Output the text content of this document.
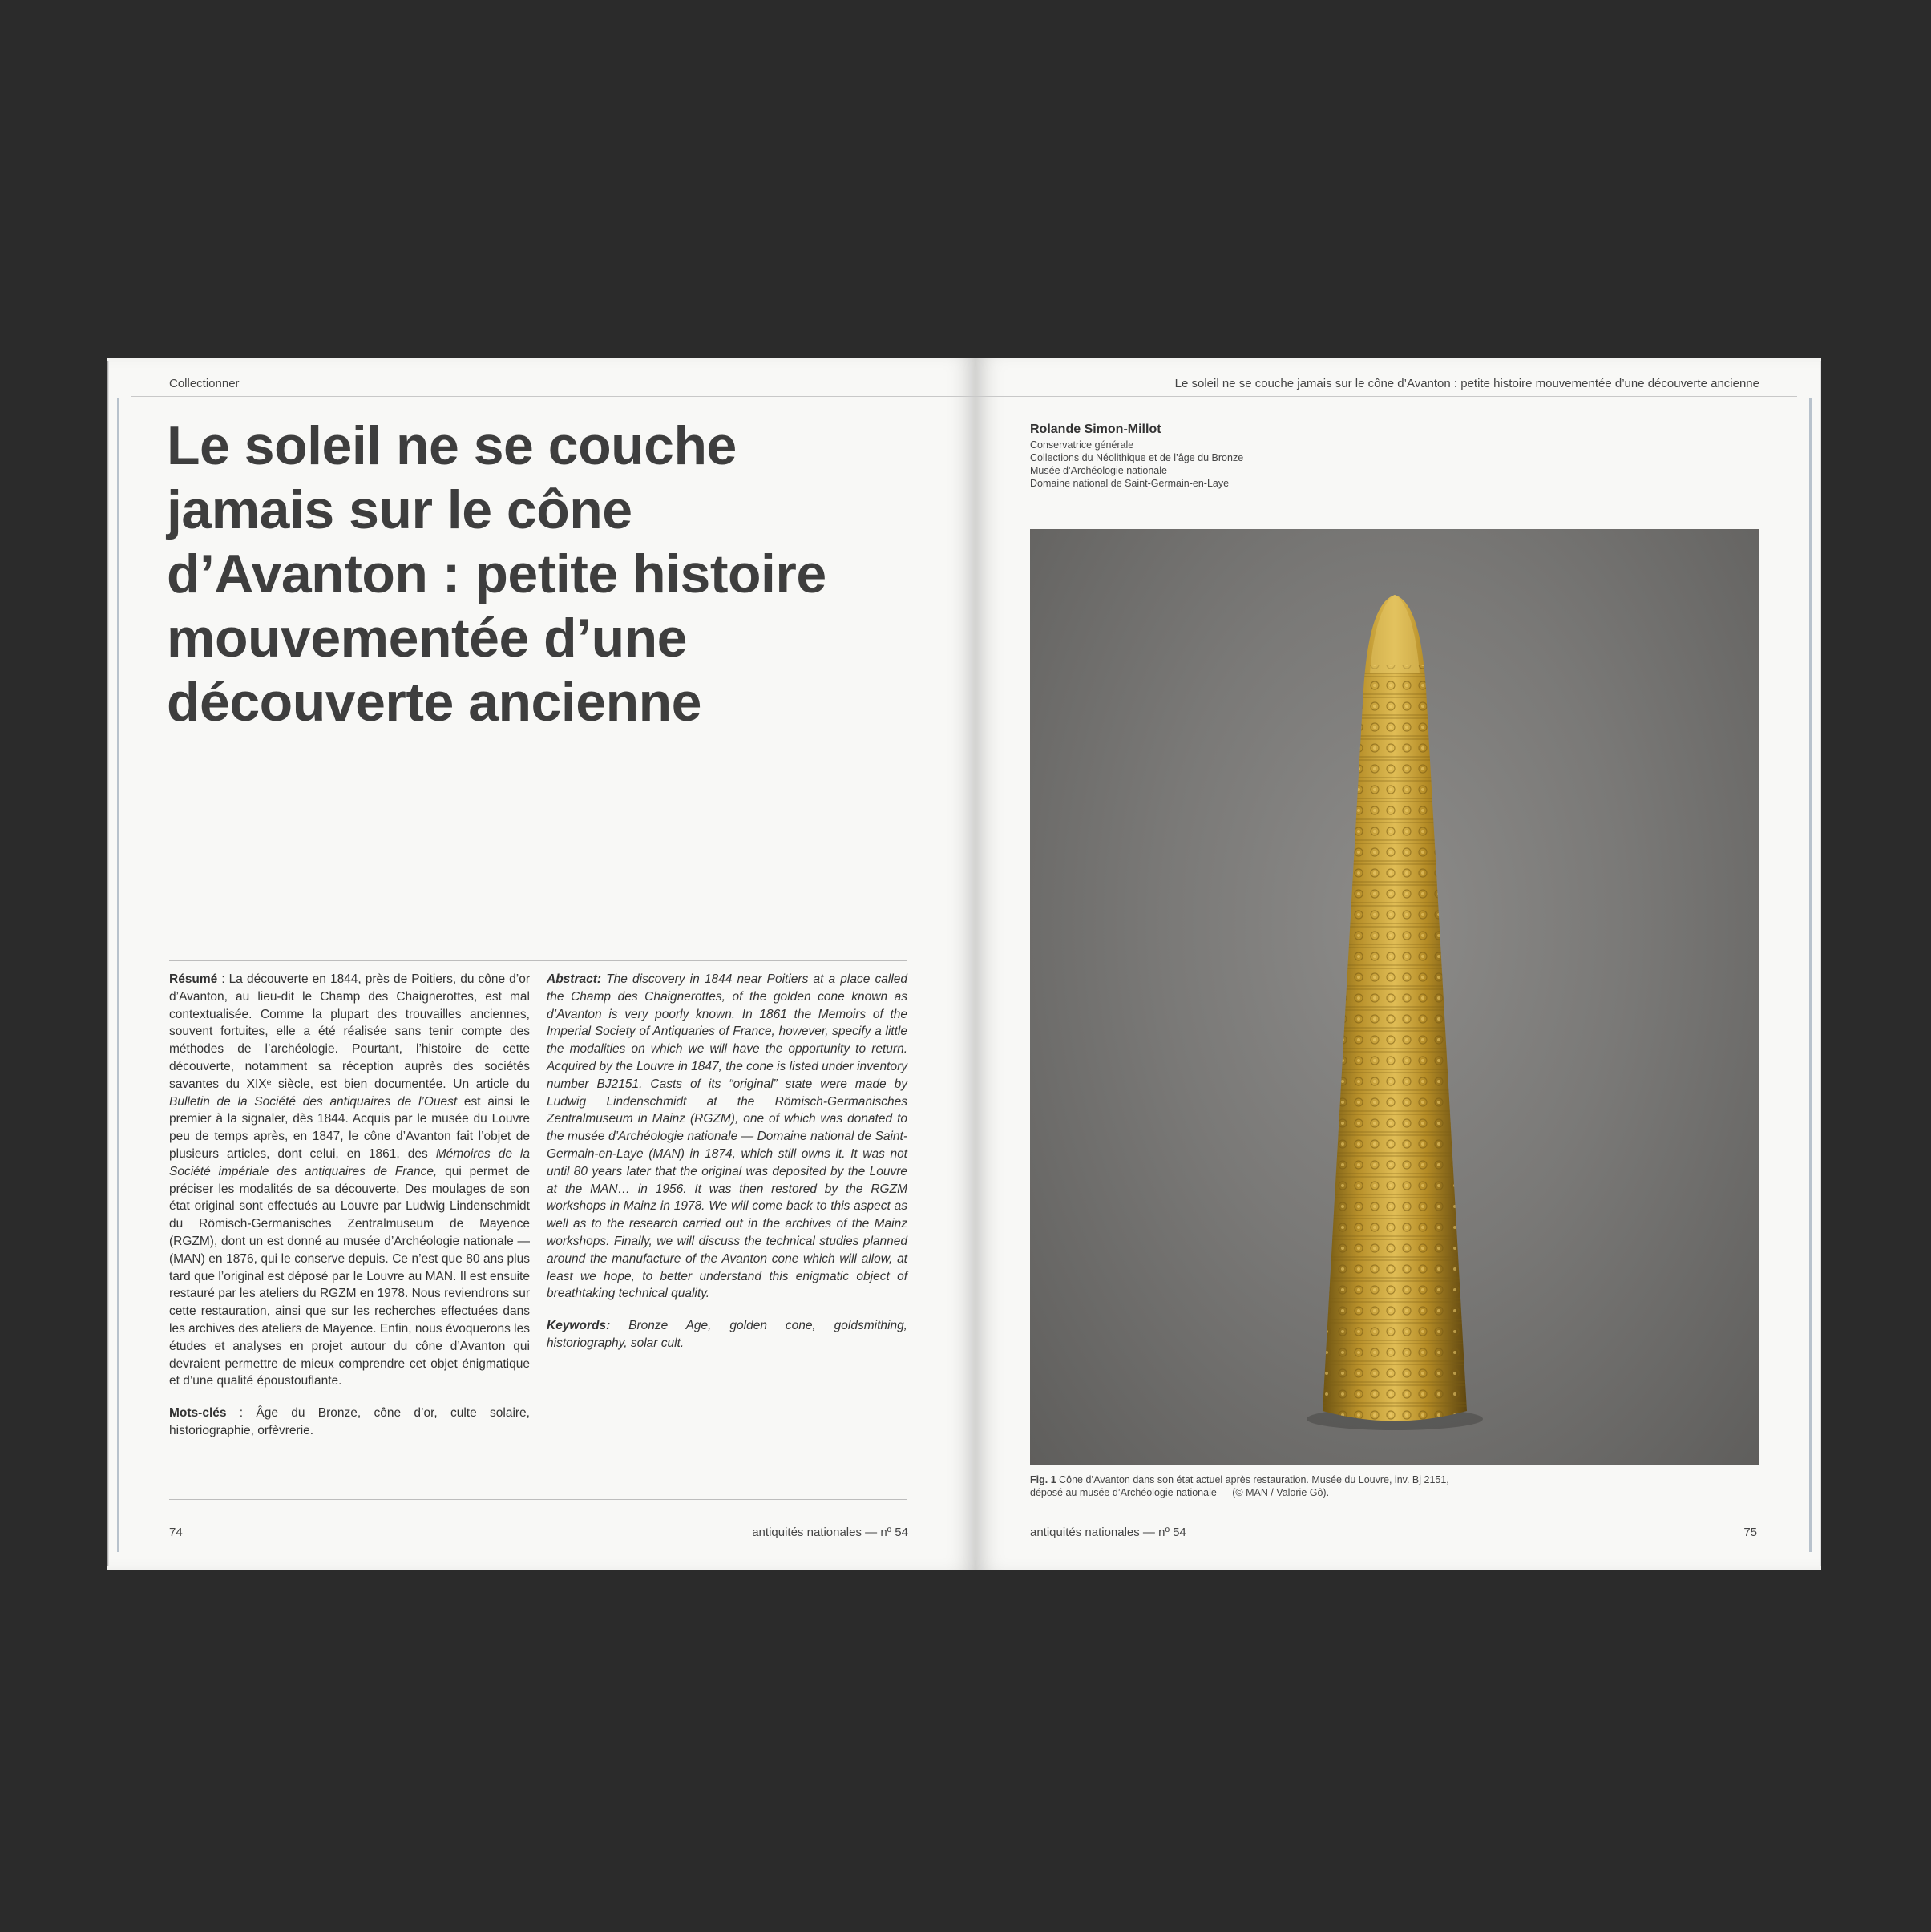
Collectionner
Le soleil ne se couche
jamais sur le cône
d’Avanton : petite histoire
mouvementée d’une
découverte ancienne

Résumé : La découverte en 1844, près de Poitiers, du cône d’or d’Avanton, au lieu-dit le Champ des Chaignerottes, est mal contextualisée. Comme la plupart des trouvailles anciennes, souvent fortuites, elle a été réalisée sans tenir compte des méthodes de l’archéologie. Pourtant, l’histoire de cette découverte, notamment sa réception auprès des sociétés savantes du XIXᵉ siècle, est bien documentée. Un article du Bulletin de la Société des antiquaires de l’Ouest est ainsi le premier à la signaler, dès 1844. Acquis par le musée du Louvre peu de temps après, en 1847, le cône d’Avanton fait l’objet de plusieurs articles, dont celui, en 1861, des Mémoires de la Société impériale des antiquaires de France, qui permet de préciser les modalités de sa découverte. Des moulages de son état original sont effectués au Louvre par Ludwig Lindenschmidt du Römisch-Germanisches Zentralmuseum de Mayence (RGZM), dont un est donné au musée d’Archéologie nationale — (MAN) en 1876, qui le conserve depuis. Ce n’est que 80 ans plus tard que l’original est déposé par le Louvre au MAN. Il est ensuite restauré par les ateliers du RGZM en 1978. Nous reviendrons sur cette restauration, ainsi que sur les recherches effectuées dans les archives des ateliers de Mayence. Enfin, nous évoquerons les études et analyses en projet autour du cône d’Avanton qui devraient permettre de mieux comprendre cet objet énigmatique et d’une qualité époustouflante.

Mots-clés : Âge du Bronze, cône d’or, culte solaire, historiographie, orfèvrerie.

Abstract: The discovery in 1844 near Poitiers at a place called the Champ des Chaignerottes, of the golden cone known as d’Avanton is very poorly known. In 1861 the Memoirs of the Imperial Society of Antiquaries of France, however, specify a little the modalities on which we will have the opportunity to return. Acquired by the Louvre in 1847, the cone is listed under inventory number BJ2151. Casts of its “original” state were made by Ludwig Lindenschmidt at the Römisch-Germanisches Zentralmuseum in Mainz (RGZM), one of which was donated to the musée d’Archéologie nationale — Domaine national de Saint-Germain-en-Laye (MAN) in 1874, which still owns it. It was not until 80 years later that the original was deposited by the Louvre at the MAN… in 1956. It was then restored by the RGZM workshops in Mainz in 1978. We will come back to this aspect as well as to the research carried out in the archives of the Mainz workshops. Finally, we will discuss the technical studies planned around the manufacture of the Avanton cone which will allow, at least we hope, to better understand this enigmatic object of breathtaking technical quality.

Keywords: Bronze Age, golden cone, goldsmithing, historiography, solar cult.

74	antiquités nationales — nº 54
Le soleil ne se couche jamais sur le cône d’Avanton : petite histoire mouvementée d’une découverte ancienne
Rolande Simon-Millot
Conservatrice générale
Collections du Néolithique et de l’âge du Bronze
Musée d’Archéologie nationale -
Domaine national de Saint-Germain-en-Laye
Fig. 1 Cône d’Avanton dans son état actuel après restauration. Musée du Louvre, inv. Bj 2151,
déposé au musée d’Archéologie nationale — (© MAN / Valorie Gô).
antiquités nationales — nº 54	75
